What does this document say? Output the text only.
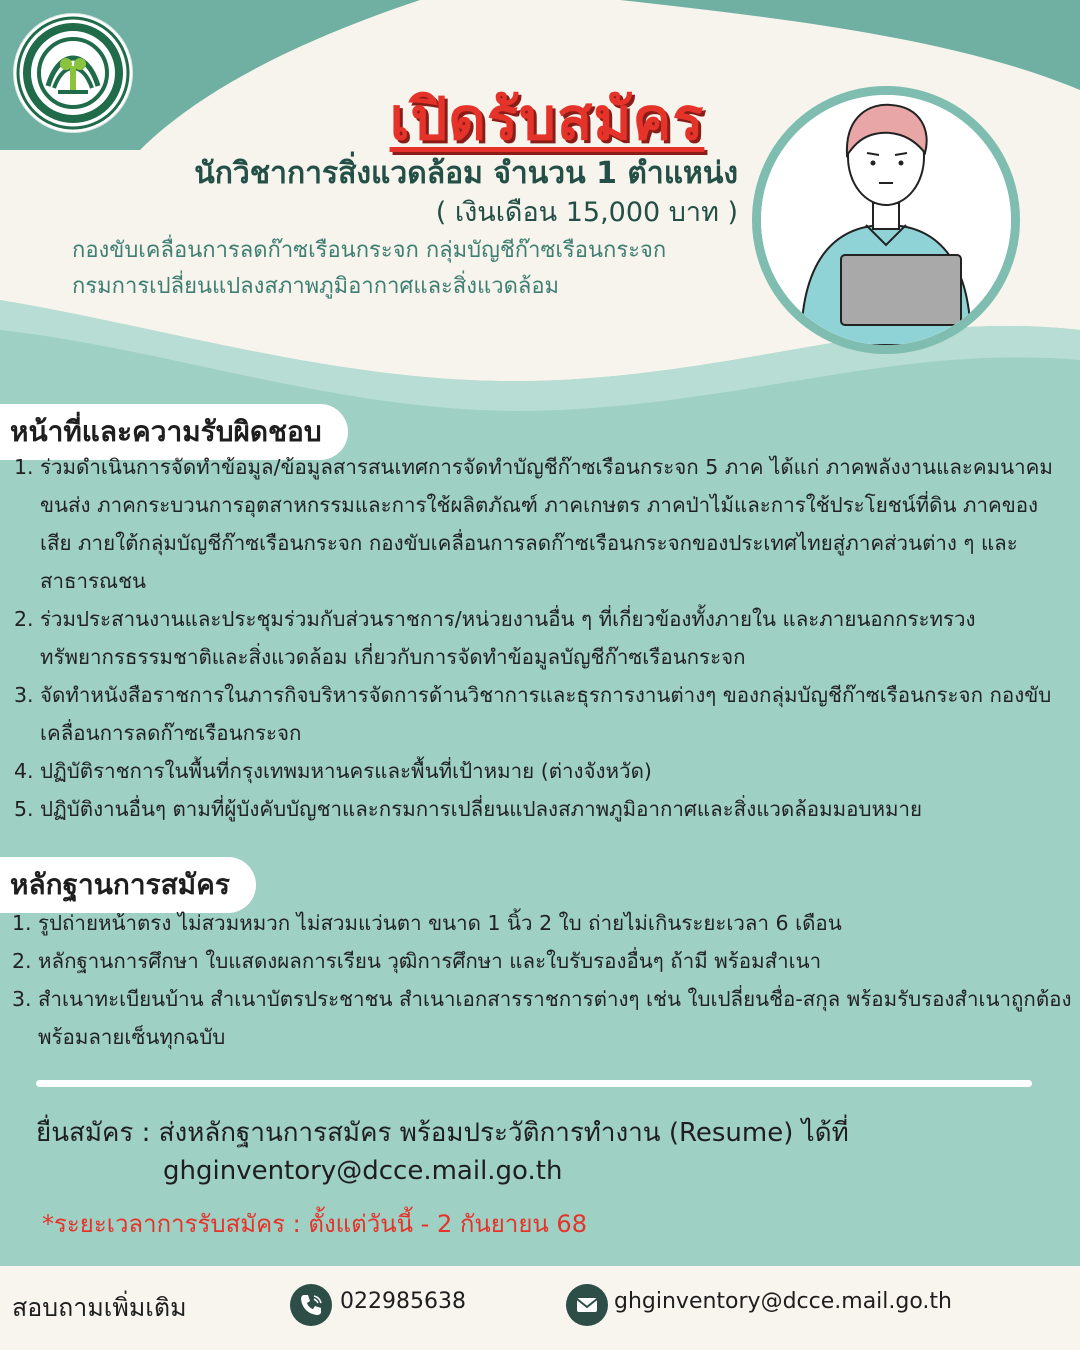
เปิดรับสมัคร
นักวิชาการสิ่งแวดล้อม จำนวน 1 ตำแหน่ง
( เงินเดือน 15,000 บาท )
กองขับเคลื่อนการลดก๊าซเรือนกระจก กลุ่มบัญชีก๊าซเรือนกระจก
กรมการเปลี่ยนแปลงสภาพภูมิอากาศและสิ่งแวดล้อม
หน้าที่และความรับผิดชอบ
1. ร่วมดำเนินการจัดทำข้อมูล/ข้อมูลสารสนเทศการจัดทำบัญชีก๊าซเรือนกระจก 5 ภาค ได้แก่ ภาคพลังงานและคมนาคมขนส่ง ภาคกระบวนการอุตสาหกรรมและการใช้ผลิตภัณฑ์ ภาคเกษตร ภาคป่าไม้และการใช้ประโยชน์ที่ดิน ภาคของเสีย ภายใต้กลุ่มบัญชีก๊าซเรือนกระจก กองขับเคลื่อนการลดก๊าซเรือนกระจกของประเทศไทยสู่ภาคส่วนต่าง ๆ และสาธารณชน
2. ร่วมประสานงานและประชุมร่วมกับส่วนราชการ/หน่วยงานอื่น ๆ ที่เกี่ยวข้องทั้งภายใน และภายนอกกระทรวงทรัพยากรธรรมชาติและสิ่งแวดล้อม เกี่ยวกับการจัดทำข้อมูลบัญชีก๊าซเรือนกระจก
3. จัดทำหนังสือราชการในภารกิจบริหารจัดการด้านวิชาการและธุรการงานต่างๆ ของกลุ่มบัญชีก๊าซเรือนกระจก กองขับเคลื่อนการลดก๊าซเรือนกระจก
4. ปฏิบัติราชการในพื้นที่กรุงเทพมหานครและพื้นที่เป้าหมาย (ต่างจังหวัด)
5. ปฏิบัติงานอื่นๆ ตามที่ผู้บังคับบัญชาและกรมการเปลี่ยนแปลงสภาพภูมิอากาศและสิ่งแวดล้อมมอบหมาย
หลักฐานการสมัคร
1. รูปถ่ายหน้าตรง ไม่สวมหมวก ไม่สวมแว่นตา ขนาด 1 นิ้ว 2 ใบ ถ่ายไม่เกินระยะเวลา 6 เดือน
2. หลักฐานการศึกษา ใบแสดงผลการเรียน วุฒิการศึกษา และใบรับรองอื่นๆ ถ้ามี พร้อมสำเนา
3. สำเนาทะเบียนบ้าน สำเนาบัตรประชาชน สำเนาเอกสารราชการต่างๆ เช่น ใบเปลี่ยนชื่อ-สกุล พร้อมรับรองสำเนาถูกต้องพร้อมลายเซ็นทุกฉบับ
ยื่นสมัคร : ส่งหลักฐานการสมัคร พร้อมประวัติการทำงาน (Resume) ได้ที่
ghginventory@dcce.mail.go.th
*ระยะเวลาการรับสมัคร : ตั้งแต่วันนี้ - 2 กันยายน 68
สอบถามเพิ่มเติม	022985638	ghginventory@dcce.mail.go.th
